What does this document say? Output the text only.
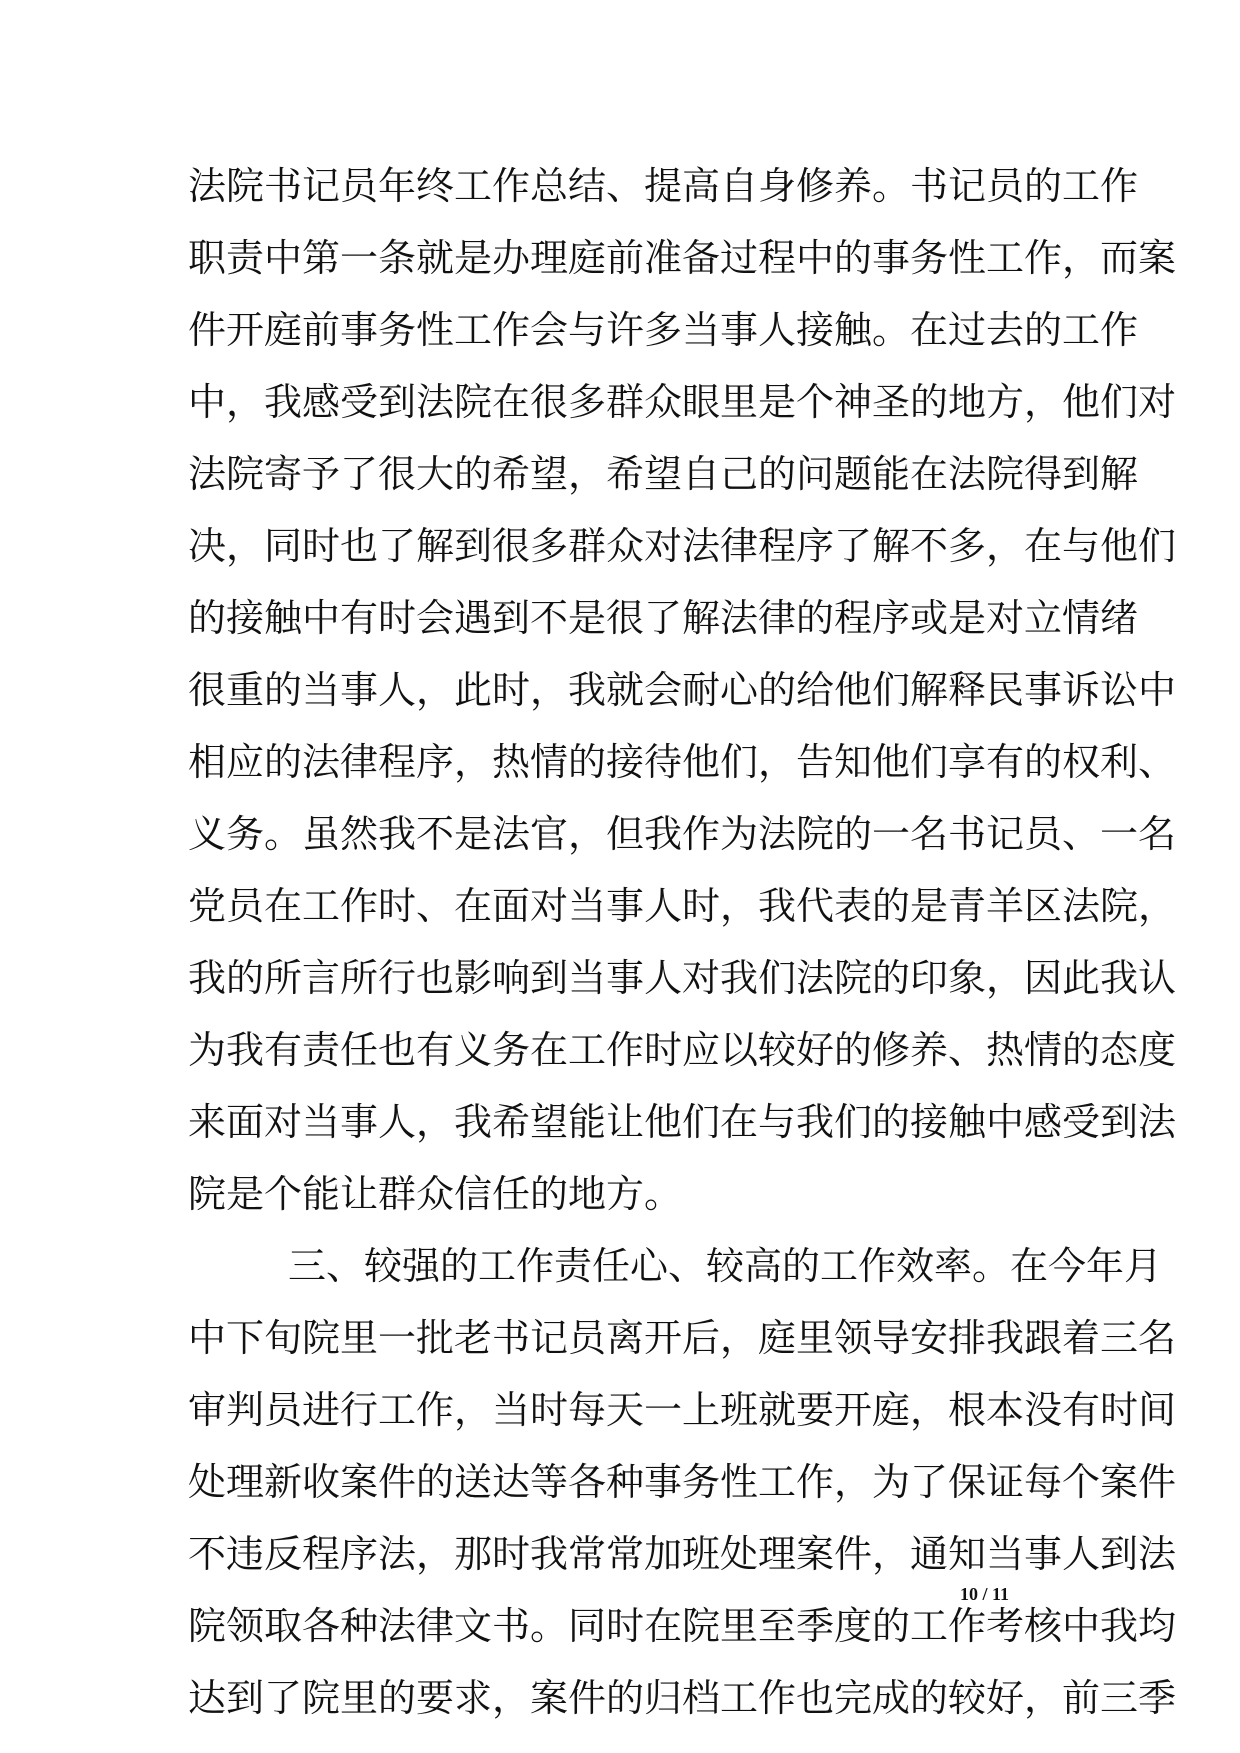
法院书记员年终工作总结、提高自身修养。书记员的工作
职责中第一条就是办理庭前准备过程中的事务性工作，而案
件开庭前事务性工作会与许多当事人接触。在过去的工作
中，我感受到法院在很多群众眼里是个神圣的地方，他们对
法院寄予了很大的希望，希望自己的问题能在法院得到解
决，同时也了解到很多群众对法律程序了解不多，在与他们
的接触中有时会遇到不是很了解法律的程序或是对立情绪
很重的当事人，此时，我就会耐心的给他们解释民事诉讼中
相应的法律程序，热情的接待他们，告知他们享有的权利、
义务。虽然我不是法官，但我作为法院的一名书记员、一名
党员在工作时、在面对当事人时，我代表的是青羊区法院，
我的所言所行也影响到当事人对我们法院的印象，因此我认
为我有责任也有义务在工作时应以较好的修养、热情的态度
来面对当事人，我希望能让他们在与我们的接触中感受到法
院是个能让群众信任的地方。
三、较强的工作责任心、较高的工作效率。在今年月
中下旬院里一批老书记员离开后，庭里领导安排我跟着三名
审判员进行工作，当时每天一上班就要开庭，根本没有时间
处理新收案件的送达等各种事务性工作，为了保证每个案件
不违反程序法，那时我常常加班处理案件，通知当事人到法
院领取各种法律文书。同时在院里至季度的工作考核中我均
达到了院里的要求，案件的归档工作也完成的较好，前三季
10 / 11
